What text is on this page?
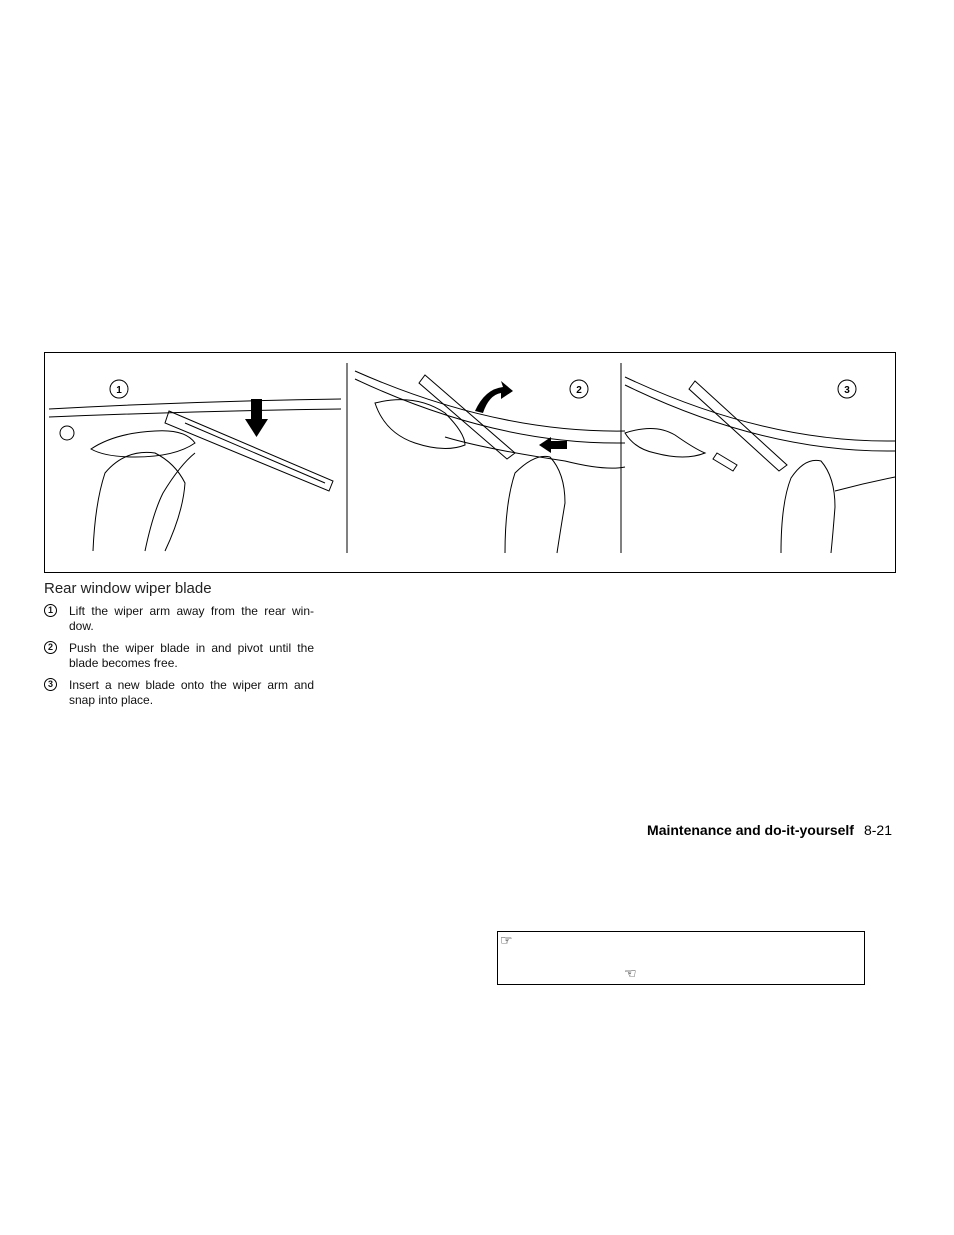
1	2	3
Rear window wiper blade
1	Lift the wiper arm away from the rear win-dow.
2	Push the wiper blade in and pivot until the blade becomes free.
3	Insert a new blade onto the wiper arm and snap into place.
Maintenance and do-it-yourself 8-21
☞
☜
